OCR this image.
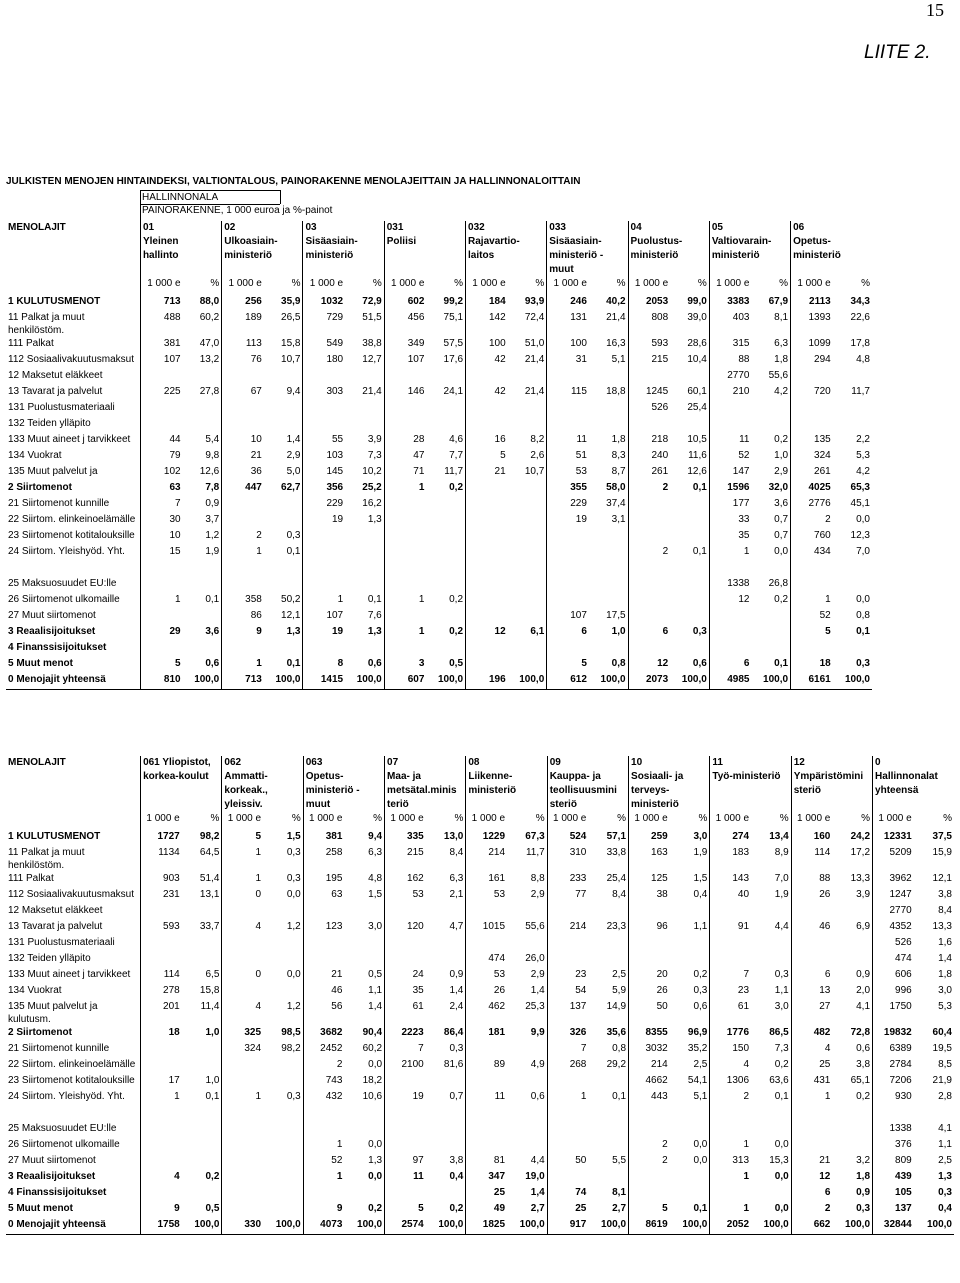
15
LIITE 2.
JULKISTEN MENOJEN HINTAINDEKSI, VALTIONTALOUS, PAINORAKENNE MENOLAJEITTAIN JA HALLINNONALOITTAIN
HALLINNONALA
PAINORAKENNE, 1 000 euroa ja %-painot
MENOLAJIT	01		02		03		031		032		033		04		05		06	
	Yleinen		Ulkoasiain-		Sisäasiain-		Poliisi		Rajavartio-		Sisäasiain-		Puolustus-		Valtiovarain-		Opetus-	
	hallinto		ministeriö		ministeriö				laitos		ministeriö -		ministeriö		ministeriö		ministeriö	
											muut							
	1 000 e	%	1 000 e	%	1 000 e	%	1 000 e	%	1 000 e	%	1 000 e	%	1 000 e	%	1 000 e	%	1 000 e	%
1 KULUTUSMENOT	713	88,0	256	35,9	1032	72,9	602	99,2	184	93,9	246	40,2	2053	99,0	3383	67,9	2113	34,3
11 Palkat ja muut henkilöstöm.	488	60,2	189	26,5	729	51,5	456	75,1	142	72,4	131	21,4	808	39,0	403	8,1	1393	22,6
111 Palkat	381	47,0	113	15,8	549	38,8	349	57,5	100	51,0	100	16,3	593	28,6	315	6,3	1099	17,8
112 Sosiaalivakuutusmaksut	107	13,2	76	10,7	180	12,7	107	17,6	42	21,4	31	5,1	215	10,4	88	1,8	294	4,8
12 Maksetut eläkkeet															2770	55,6		
13 Tavarat ja palvelut	225	27,8	67	9,4	303	21,4	146	24,1	42	21,4	115	18,8	1245	60,1	210	4,2	720	11,7
131 Puolustusmateriaali													526	25,4				
132 Teiden ylläpito																		
133 Muut aineet j tarvikkeet	44	5,4	10	1,4	55	3,9	28	4,6	16	8,2	11	1,8	218	10,5	11	0,2	135	2,2
134 Vuokrat	79	9,8	21	2,9	103	7,3	47	7,7	5	2,6	51	8,3	240	11,6	52	1,0	324	5,3
135 Muut palvelut ja	102	12,6	36	5,0	145	10,2	71	11,7	21	10,7	53	8,7	261	12,6	147	2,9	261	4,2
2 Siirtomenot	63	7,8	447	62,7	356	25,2	1	0,2			355	58,0	2	0,1	1596	32,0	4025	65,3
21 Siirtomenot kunnille	7	0,9			229	16,2					229	37,4			177	3,6	2776	45,1
22 Siirtom. elinkeinoelämälle	30	3,7			19	1,3					19	3,1			33	0,7	2	0,0
23 Siirtomenot kotitalouksille	10	1,2	2	0,3											35	0,7	760	12,3
24 Siirtom. Yleishyöd. Yht.	15	1,9	1	0,1									2	0,1	1	0,0	434	7,0

25 Maksuosuudet EU:lle															1338	26,8		
26 Siirtomenot ulkomaille	1	0,1	358	50,2	1	0,1	1	0,2							12	0,2	1	0,0
27 Muut siirtomenot			86	12,1	107	7,6					107	17,5					52	0,8
3 Reaalisijoitukset	29	3,6	9	1,3	19	1,3	1	0,2	12	6,1	6	1,0	6	0,3			5	0,1
4 Finanssisijoitukset																		
5 Muut menot	5	0,6	1	0,1	8	0,6	3	0,5			5	0,8	12	0,6	6	0,1	18	0,3
0 Menojajit yhteensä	810	100,0	713	100,0	1415	100,0	607	100,0	196	100,0	612	100,0	2073	100,0	4985	100,0	6161	100,0
MENOLAJIT	061 Yliopistot,		062		063		07		08		09		10		11		12		0	
	korkea-koulut		Ammatti-		Opetus-		Maa- ja		Liikenne-		Kauppa- ja		Sosiaali- ja		Työ-ministeriö		Ympäristömini		Hallinnonalat	
			korkeak.,		ministeriö -		metsätal.minis		ministeriö		teollisuusmini		terveys-				steriö		yhteensä	
			yleissiv.		muut		teriö				steriö		ministeriö							
	1 000 e	%	1 000 e	%	1 000 e	%	1 000 e	%	1 000 e	%	1 000 e	%	1 000 e	%	1 000 e	%	1 000 e	%	1 000 e	%
1 KULUTUSMENOT	1727	98,2	5	1,5	381	9,4	335	13,0	1229	67,3	524	57,1	259	3,0	274	13,4	160	24,2	12331	37,5
11 Palkat ja muut henkilöstöm.	1134	64,5	1	0,3	258	6,3	215	8,4	214	11,7	310	33,8	163	1,9	183	8,9	114	17,2	5209	15,9
111 Palkat	903	51,4	1	0,3	195	4,8	162	6,3	161	8,8	233	25,4	125	1,5	143	7,0	88	13,3	3962	12,1
112 Sosiaalivakuutusmaksut	231	13,1	0	0,0	63	1,5	53	2,1	53	2,9	77	8,4	38	0,4	40	1,9	26	3,9	1247	3,8
12 Maksetut eläkkeet																			2770	8,4
13 Tavarat ja palvelut	593	33,7	4	1,2	123	3,0	120	4,7	1015	55,6	214	23,3	96	1,1	91	4,4	46	6,9	4352	13,3
131 Puolustusmateriaali																			526	1,6
132 Teiden ylläpito									474	26,0									474	1,4
133 Muut aineet j tarvikkeet	114	6,5	0	0,0	21	0,5	24	0,9	53	2,9	23	2,5	20	0,2	7	0,3	6	0,9	606	1,8
134 Vuokrat	278	15,8			46	1,1	35	1,4	26	1,4	54	5,9	26	0,3	23	1,1	13	2,0	996	3,0
135 Muut palvelut ja kulutusm.	201	11,4	4	1,2	56	1,4	61	2,4	462	25,3	137	14,9	50	0,6	61	3,0	27	4,1	1750	5,3
2 Siirtomenot	18	1,0	325	98,5	3682	90,4	2223	86,4	181	9,9	326	35,6	8355	96,9	1776	86,5	482	72,8	19832	60,4
21 Siirtomenot kunnille			324	98,2	2452	60,2	7	0,3			7	0,8	3032	35,2	150	7,3	4	0,6	6389	19,5
22 Siirtom. elinkeinoelämälle					2	0,0	2100	81,6	89	4,9	268	29,2	214	2,5	4	0,2	25	3,8	2784	8,5
23 Siirtomenot kotitalouksille	17	1,0			743	18,2							4662	54,1	1306	63,6	431	65,1	7206	21,9
24 Siirtom. Yleishyöd. Yht.	1	0,1	1	0,3	432	10,6	19	0,7	11	0,6	1	0,1	443	5,1	2	0,1	1	0,2	930	2,8

25 Maksuosuudet EU:lle																			1338	4,1
26 Siirtomenot ulkomaille					1	0,0							2	0,0	1	0,0			376	1,1
27 Muut siirtomenot					52	1,3	97	3,8	81	4,4	50	5,5	2	0,0	313	15,3	21	3,2	809	2,5
3 Reaalisijoitukset	4	0,2			1	0,0	11	0,4	347	19,0					1	0,0	12	1,8	439	1,3
4 Finanssisijoitukset									25	1,4	74	8,1					6	0,9	105	0,3
5 Muut menot	9	0,5			9	0,2	5	0,2	49	2,7	25	2,7	5	0,1	1	0,0	2	0,3	137	0,4
0 Menojajit yhteensä	1758	100,0	330	100,0	4073	100,0	2574	100,0	1825	100,0	917	100,0	8619	100,0	2052	100,0	662	100,0	32844	100,0
